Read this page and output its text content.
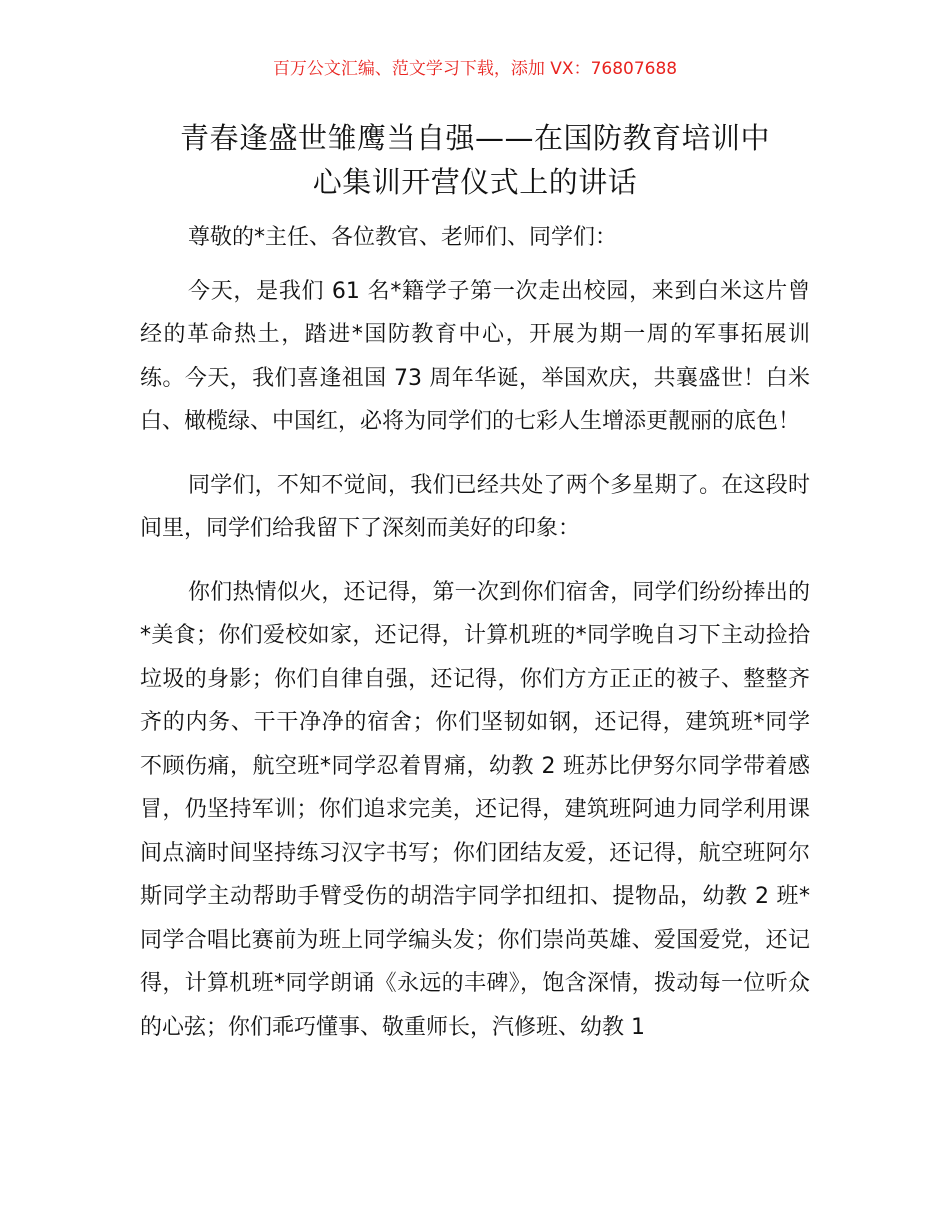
百万公文汇编、范文学习下载，添加 VX：76807688
青春逢盛世雏鹰当自强——在国防教育培训中
心集训开营仪式上的讲话

尊敬的*主任、各位教官、老师们、同学们：

今天，是我们 61 名*籍学子第一次走出校园，来到白米这片曾经的革命热土，踏进*国防教育中心，开展为期一周的军事拓展训练。今天，我们喜逢祖国 73 周年华诞，举国欢庆，共襄盛世！白米白、橄榄绿、中国红，必将为同学们的七彩人生增添更靓丽的底色！

同学们，不知不觉间，我们已经共处了两个多星期了。在这段时间里，同学们给我留下了深刻而美好的印象：

你们热情似火，还记得，第一次到你们宿舍，同学们纷纷捧出的*美食；你们爱校如家，还记得，计算机班的*同学晚自习下主动捡拾垃圾的身影；你们自律自强，还记得，你们方方正正的被子、整整齐齐的内务、干干净净的宿舍；你们坚韧如钢，还记得，建筑班*同学不顾伤痛，航空班*同学忍着胃痛，幼教 2 班苏比伊努尔同学带着感冒，仍坚持军训；你们追求完美，还记得，建筑班阿迪力同学利用课间点滴时间坚持练习汉字书写；你们团结友爱，还记得，航空班阿尔斯同学主动帮助手臂受伤的胡浩宇同学扣纽扣、提物品，幼教 2 班*同学合唱比赛前为班上同学编头发；你们崇尚英雄、爱国爱党，还记得，计算机班*同学朗诵《永远的丰碑》，饱含深情，拨动每一位听众的心弦；你们乖巧懂事、敬重师长，汽修班、幼教 1
